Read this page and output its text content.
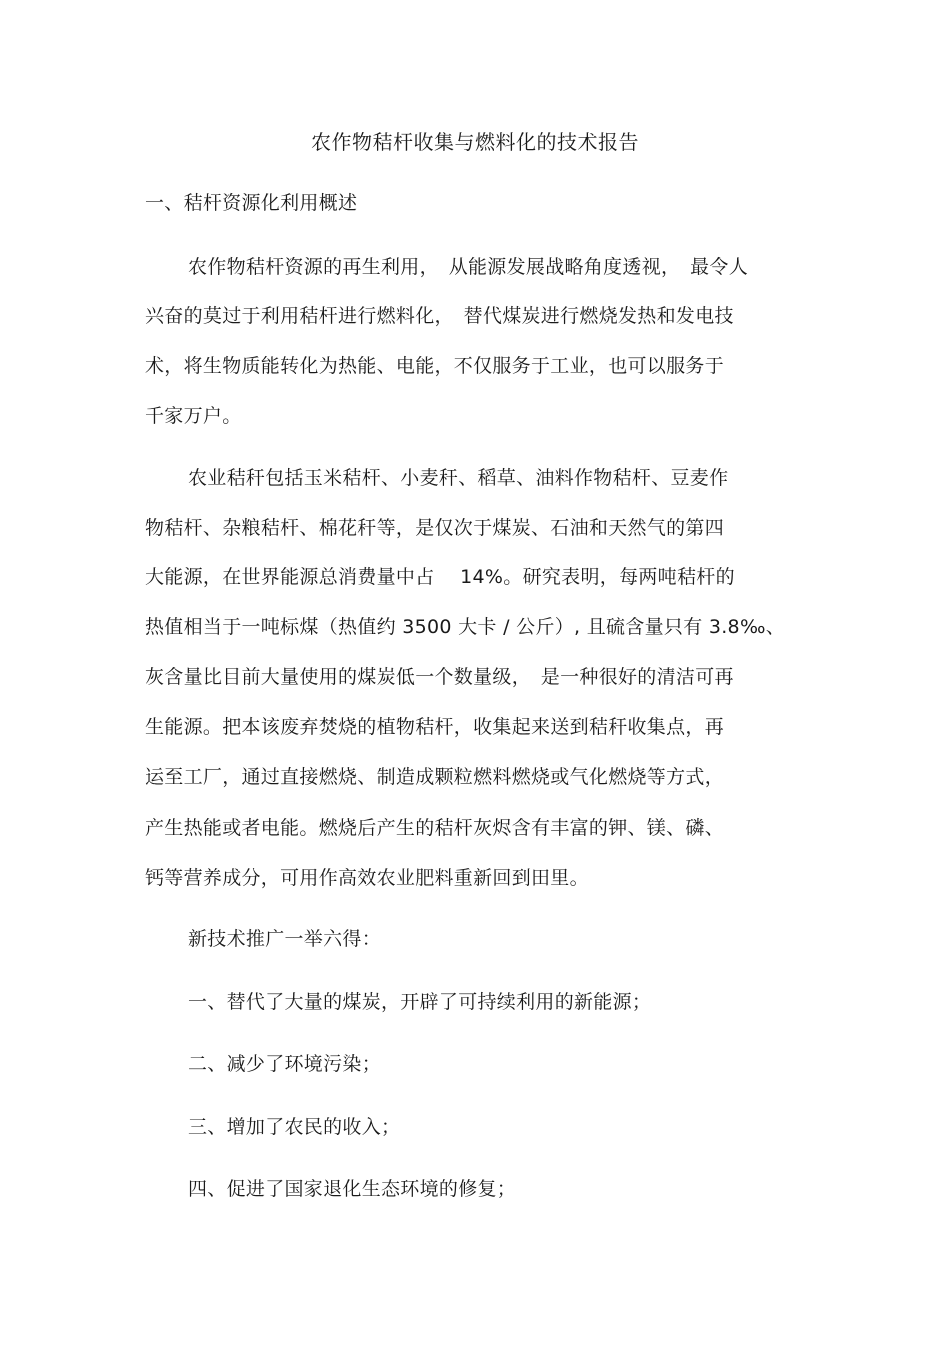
农作物秸杆收集与燃料化的技术报告
一、秸杆资源化利用概述
农作物秸杆资源的再生利用，　从能源发展战略角度透视，　最令人
兴奋的莫过于利用秸杆进行燃料化，　替代煤炭进行燃烧发热和发电技
术，将生物质能转化为热能、电能，不仅服务于工业，也可以服务于
千家万户。
农业秸秆包括玉米秸杆、小麦秆、稻草、油料作物秸杆、豆麦作
物秸杆、杂粮秸杆、棉花秆等，是仅次于煤炭、石油和天然气的第四
大能源，在世界能源总消费量中占　 14%。研究表明，每两吨秸杆的
热值相当于一吨标煤（热值约 3500 大卡 / 公斤）, 且硫含量只有 3.8‰、
灰含量比目前大量使用的煤炭低一个数量级，　是一种很好的清洁可再
生能源。把本该废弃焚烧的植物秸杆，收集起来送到秸秆收集点，再
运至工厂，通过直接燃烧、制造成颗粒燃料燃烧或气化燃烧等方式，
产生热能或者电能。燃烧后产生的秸杆灰烬含有丰富的钾、镁、磷、
钙等营养成分，可用作高效农业肥料重新回到田里。
新技术推广一举六得：
一、替代了大量的煤炭，开辟了可持续利用的新能源；
二、减少了环境污染；
三、增加了农民的收入；
四、促进了国家退化生态环境的修复；
